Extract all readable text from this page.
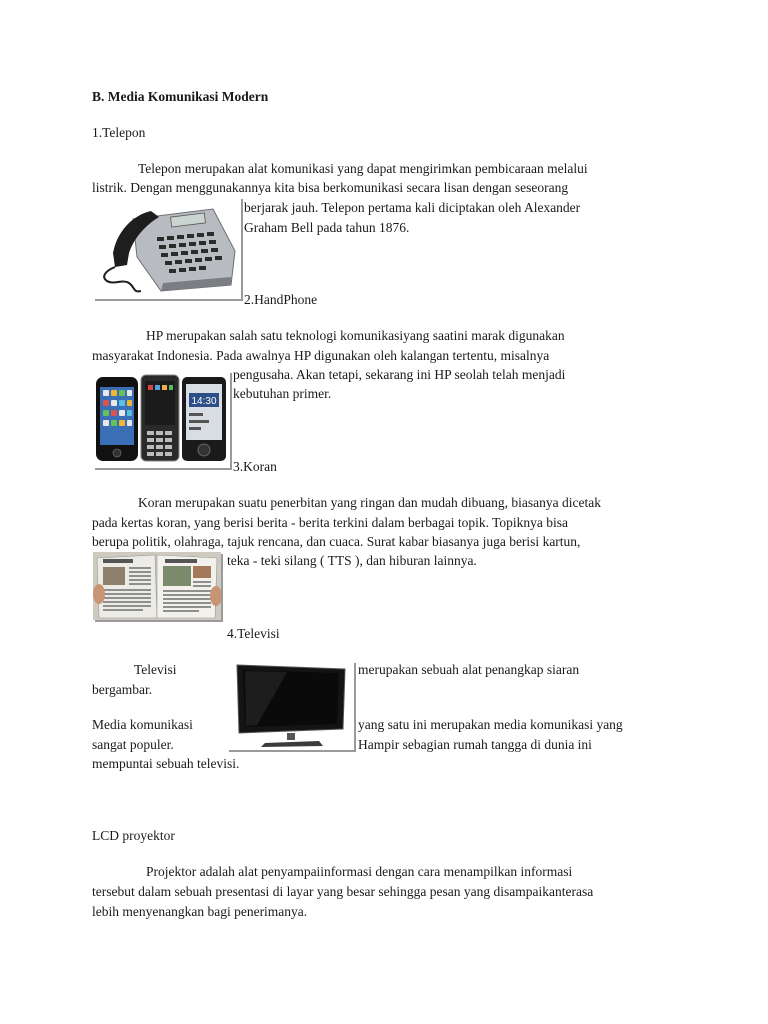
B. Media Komunikasi Modern
1.Telepon
Telepon merupakan alat komunikasi yang dapat mengirimkan pembicaraan melalui
listrik. Dengan menggunakannya kita bisa berkomunikasi secara lisan dengan seseorang
berjarak jauh. Telepon pertama kali diciptakan oleh Alexander
Graham Bell pada tahun 1876.
2.HandPhone
HP merupakan salah satu teknologi komunikasiyang saatini marak digunakan
masyarakat Indonesia. Pada awalnya HP digunakan oleh kalangan tertentu, misalnya
pengusaha. Akan tetapi, sekarang ini HP seolah telah menjadi
kebutuhan primer.
14:30
3.Koran
Koran merupakan suatu penerbitan yang ringan dan mudah dibuang, biasanya dicetak
pada kertas koran, yang berisi berita - berita terkini dalam berbagai topik. Topiknya bisa
berupa politik, olahraga, tajuk rencana, dan cuaca. Surat kabar biasanya juga berisi kartun,
teka - teki silang ( TTS ), dan hiburan lainnya.
4.Televisi
Televisi	merupakan sebuah alat penangkap siaran
bergambar.
Media komunikasi	yang satu ini merupakan media komunikasi yang
sangat populer.	Hampir sebagian rumah tangga di dunia ini
mempuntai sebuah televisi.
LCD proyektor
Projektor adalah alat penyampaiinformasi dengan cara menampilkan informasi
tersebut dalam sebuah presentasi di layar yang besar sehingga pesan yang disampaikanterasa
lebih menyenangkan bagi penerimanya.
